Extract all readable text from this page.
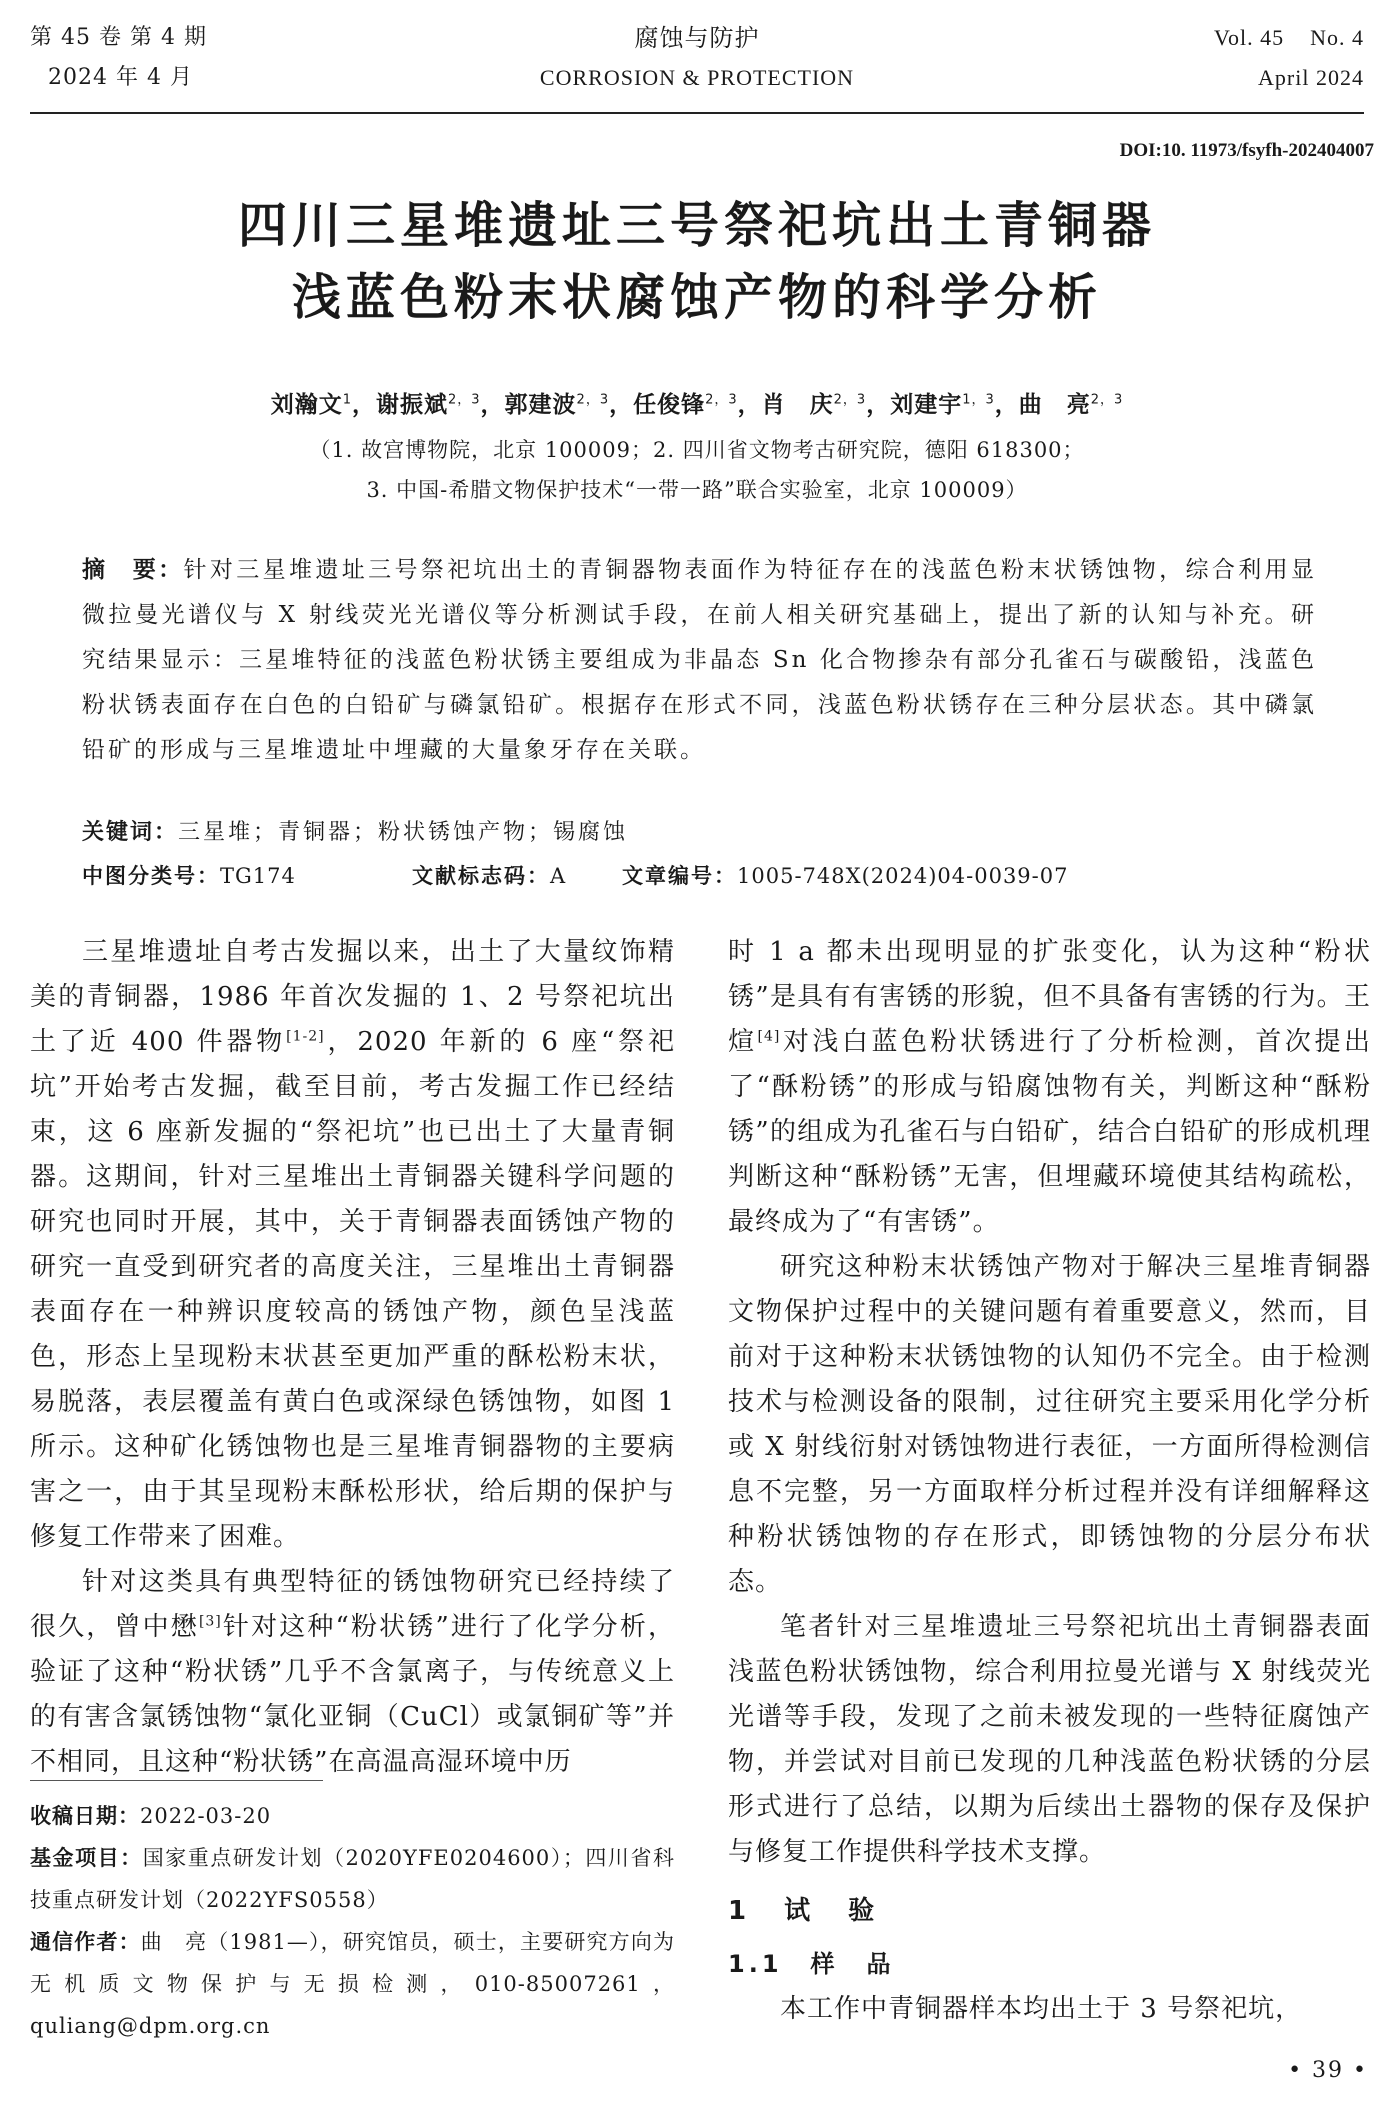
第 45 卷 第 4 期
2024 年 4 月
腐蚀与防护
CORROSION & PROTECTION
Vol. 45    No. 4
April 2024
DOI:10. 11973/fsyfh-202404007
四川三星堆遗址三号祭祀坑出土青铜器
浅蓝色粉末状腐蚀产物的科学分析
刘瀚文$^1$，谢振斌$^{2,3}$，郭建波$^{2,3}$，任俊锋$^{2,3}$，肖　庆$^{2,3}$，刘建宇$^{1,3}$，曲　亮$^{2,3}$
（1. 故宫博物院，北京 100009；2. 四川省文物考古研究院，德阳 618300；
3. 中国-希腊文物保护技术“一带一路”联合实验室，北京 100009）
摘　要：针对三星堆遗址三号祭祀坑出土的青铜器物表面作为特征存在的浅蓝色粉末状锈蚀物，综合利用显微拉曼光谱仪与 X 射线荧光光谱仪等分析测试手段，在前人相关研究基础上，提出了新的认知与补充。研究结果显示：三星堆特征的浅蓝色粉状锈主要组成为非晶态 Sn 化合物掺杂有部分孔雀石与碳酸铅，浅蓝色粉状锈表面存在白色的白铅矿与磷氯铅矿。根据存在形式不同，浅蓝色粉状锈存在三种分层状态。其中磷氯铅矿的形成与三星堆遗址中埋藏的大量象牙存在关联。
关键词：三星堆；青铜器；粉状锈蚀产物；锡腐蚀
中图分类号：TG174	文献标志码：A	文章编号：1005-748X(2024)04-0039-07

三星堆遗址自考古发掘以来，出土了大量纹饰精美的青铜器，1986 年首次发掘的 1、2 号祭祀坑出土了近 400 件器物[1-2]，2020 年新的 6 座“祭祀坑”开始考古发掘，截至目前，考古发掘工作已经结束，这 6 座新发掘的“祭祀坑”也已出土了大量青铜器。这期间，针对三星堆出土青铜器关键科学问题的研究也同时开展，其中，关于青铜器表面锈蚀产物的研究一直受到研究者的高度关注，三星堆出土青铜器表面存在一种辨识度较高的锈蚀产物，颜色呈浅蓝色，形态上呈现粉末状甚至更加严重的酥松粉末状，易脱落，表层覆盖有黄白色或深绿色锈蚀物，如图 1 所示。这种矿化锈蚀物也是三星堆青铜器物的主要病害之一，由于其呈现粉末酥松形状，给后期的保护与修复工作带来了困难。

针对这类具有典型特征的锈蚀物研究已经持续了很久，曾中懋[3]针对这种“粉状锈”进行了化学分析，验证了这种“粉状锈”几乎不含氯离子，与传统意义上的有害含氯锈蚀物“氯化亚铜（CuCl）或氯铜矿等”并不相同，且这种“粉状锈”在高温高湿环境中历

收稿日期：2022-03-20

基金项目：国家重点研发计划（2020YFE0204600）；四川省科技重点研发计划（2022YFS0558）

通信作者：曲　亮（1981—），研究馆员，硕士，主要研究方向为无机质文物保护与无损检测，010-85007261，quliang@dpm.org.cn

时 1 a 都未出现明显的扩张变化，认为这种“粉状锈”是具有有害锈的形貌，但不具备有害锈的行为。王煊[4]对浅白蓝色粉状锈进行了分析检测，首次提出了“酥粉锈”的形成与铅腐蚀物有关，判断这种“酥粉锈”的组成为孔雀石与白铅矿，结合白铅矿的形成机理判断这种“酥粉锈”无害，但埋藏环境使其结构疏松，最终成为了“有害锈”。

研究这种粉末状锈蚀产物对于解决三星堆青铜器文物保护过程中的关键问题有着重要意义，然而，目前对于这种粉末状锈蚀物的认知仍不完全。由于检测技术与检测设备的限制，过往研究主要采用化学分析或 X 射线衍射对锈蚀物进行表征，一方面所得检测信息不完整，另一方面取样分析过程并没有详细解释这种粉状锈蚀物的存在形式，即锈蚀物的分层分布状态。

笔者针对三星堆遗址三号祭祀坑出土青铜器表面浅蓝色粉状锈蚀物，综合利用拉曼光谱与 X 射线荧光光谱等手段，发现了之前未被发现的一些特征腐蚀产物，并尝试对目前已发现的几种浅蓝色粉状锈的分层形式进行了总结，以期为后续出土器物的保存及保护与修复工作提供科学技术支撑。

1　试　验
1.1　样　品

本工作中青铜器样本均出土于 3 号祭祀坑，

• 39 •
